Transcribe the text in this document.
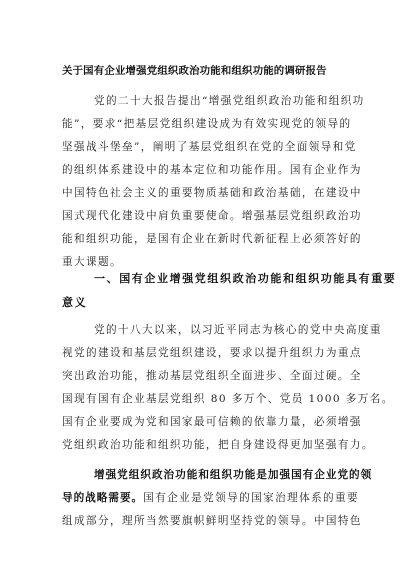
关于国有企业增强党组织政治功能和组织功能的调研报告
党的二十大报告提出“增强党组织政治功能和组织功
能”，要求“把基层党组织建设成为有效实现党的领导的
坚强战斗堡垒”，阐明了基层党组织在党的全面领导和党
的组织体系建设中的基本定位和功能作用。国有企业作为
中国特色社会主义的重要物质基础和政治基础，在建设中
国式现代化建设中肩负重要使命。增强基层党组织政治功
能和组织功能，是国有企业在新时代新征程上必须答好的
重大课题。
一、国有企业增强党组织政治功能和组织功能具有重要
意义
党的十八大以来，以习近平同志为核心的党中央高度重
视党的建设和基层党组织建设，要求以提升组织力为重点
突出政治功能，推动基层党组织全面进步、全面过硬。全
国现有国有企业基层党组织 80 多万个、党员 1000 多万名。
国有企业要成为党和国家最可信赖的依靠力量，必须增强
党组织政治功能和组织功能，把自身建设得更加坚强有力。
增强党组织政治功能和组织功能是加强国有企业党的领
导的战略需要。国有企业是党领导的国家治理体系的重要
组成部分，理所当然要旗帜鲜明坚持党的领导。中国特色
